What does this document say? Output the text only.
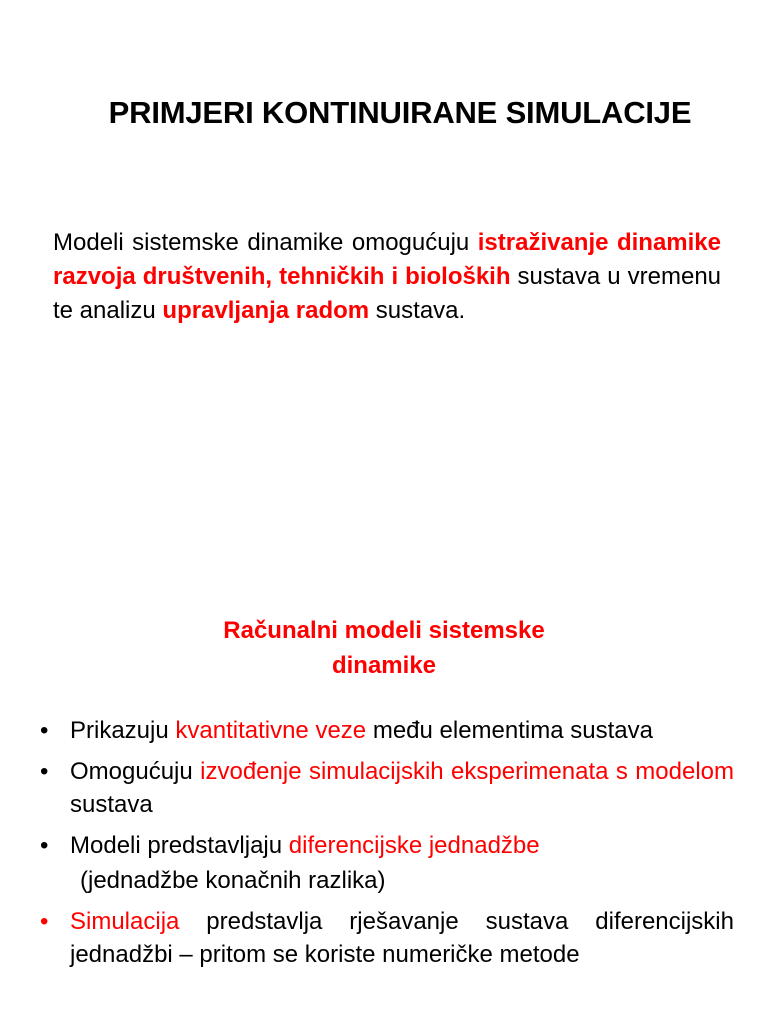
PRIMJERI KONTINUIRANE SIMULACIJE

Modeli sistemske dinamike omogućuju istraživanje dinamike razvoja društvenih, tehničkih i bioloških sustava u vremenu te analizu upravljanja radom sustava.

Računalni modeli sistemske
dinamike
• Prikazuju kvantitativne veze među elementima sustava
• Omogućuju izvođenje simulacijskih eksperimenata s modelom sustava
• Modeli predstavljaju diferencijske jednadžbe
(jednadžbe konačnih razlika)
• Simulacija predstavlja rješavanje sustava diferencijskih jednadžbi – pritom se koriste numeričke metode
